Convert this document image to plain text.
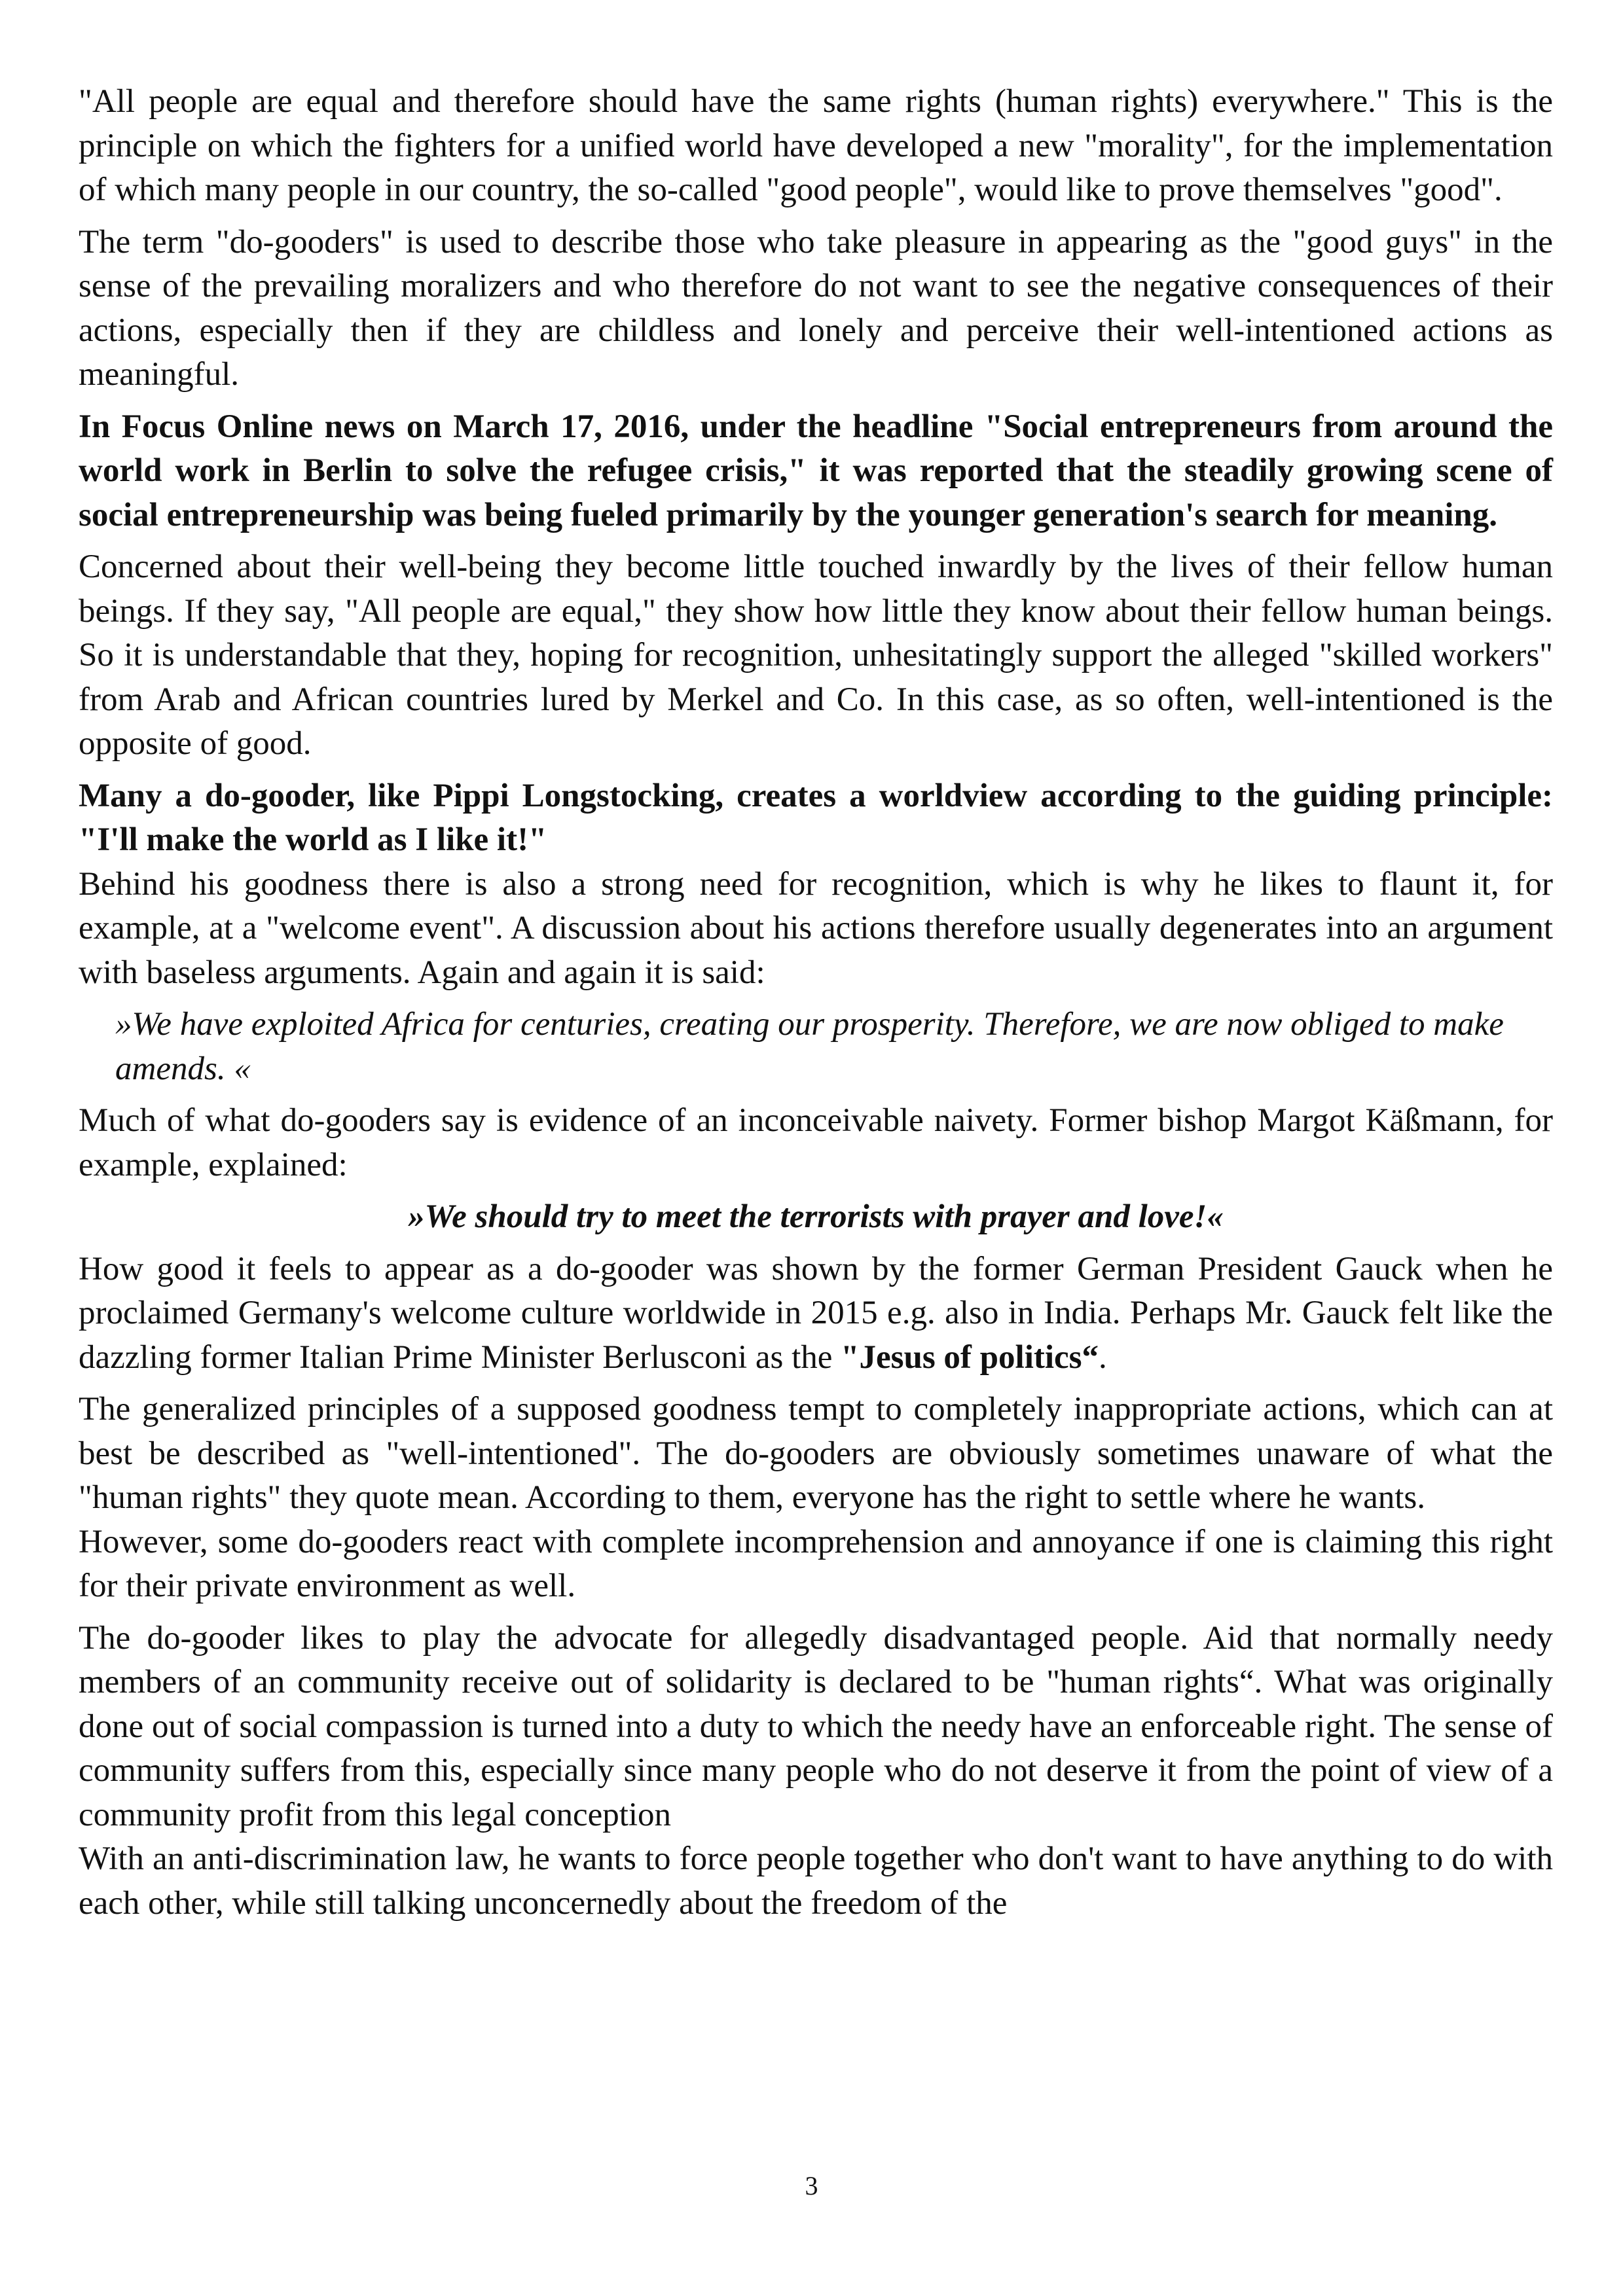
"All people are equal and therefore should have the same rights (human rights) everywhere." This is the principle on which the fighters for a unified world have developed a new "morality", for the implementation of which many people in our country, the so-called "good people", would like to prove themselves "good".

The term "do-gooders" is used to describe those who take pleasure in appearing as the "good guys" in the sense of the prevailing moralizers and who therefore do not want to see the negative consequences of their actions, especially then if they are childless and lonely and perceive their well-intentioned actions as meaningful.

In Focus Online news on March 17, 2016, under the headline "Social entrepreneurs from around the world work in Berlin to solve the refugee crisis," it was reported that the steadily growing scene of social entrepreneurship was being fueled primarily by the younger generation's search for meaning.

Concerned about their well-being they become little touched inwardly by the lives of their fellow human beings. If they say, "All people are equal," they show how little they know about their fellow human beings. So it is understandable that they, hoping for recognition, unhesitatingly support the alleged "skilled workers" from Arab and African countries lured by Merkel and Co. In this case, as so often, well-intentioned is the opposite of good.

Many a do-gooder, like Pippi Longstocking, creates a worldview according to the guiding principle: "I'll make the world as I like it!"

Behind his goodness there is also a strong need for recognition, which is why he likes to flaunt it, for example, at a "welcome event". A discussion about his actions therefore usually degenerates into an argument with baseless arguments. Again and again it is said:

»We have exploited Africa for centuries, creating our prosperity. Therefore, we are now obliged to make amends. «

Much of what do-gooders say is evidence of an inconceivable naivety. Former bishop Margot Käßmann, for example, explained:

»We should try to meet the terrorists with prayer and love!«

How good it feels to appear as a do-gooder was shown by the former German President Gauck when he proclaimed Germany's welcome culture worldwide in 2015 e.g. also in India. Perhaps Mr. Gauck felt like the dazzling former Italian Prime Minister Berlusconi as the "Jesus of politics“.

The generalized principles of a supposed goodness tempt to completely inappropriate actions, which can at best be described as "well-intentioned". The do-gooders are obviously sometimes unaware of what the "human rights" they quote mean. According to them, everyone has the right to settle where he wants.

However, some do-gooders react with complete incomprehension and annoyance if one is claiming this right for their private environment as well.

The do-gooder likes to play the advocate for allegedly disadvantaged people. Aid that normally needy members of an community receive out of solidarity is declared to be "human rights“. What was originally done out of social compassion is turned into a duty to which the needy have an enforceable right. The sense of community suffers from this, especially since many people who do not deserve it from the point of view of a community profit from this legal conception

With an anti-discrimination law, he wants to force people together who don't want to have anything to do with each other, while still talking unconcernedly about the freedom of the

3
